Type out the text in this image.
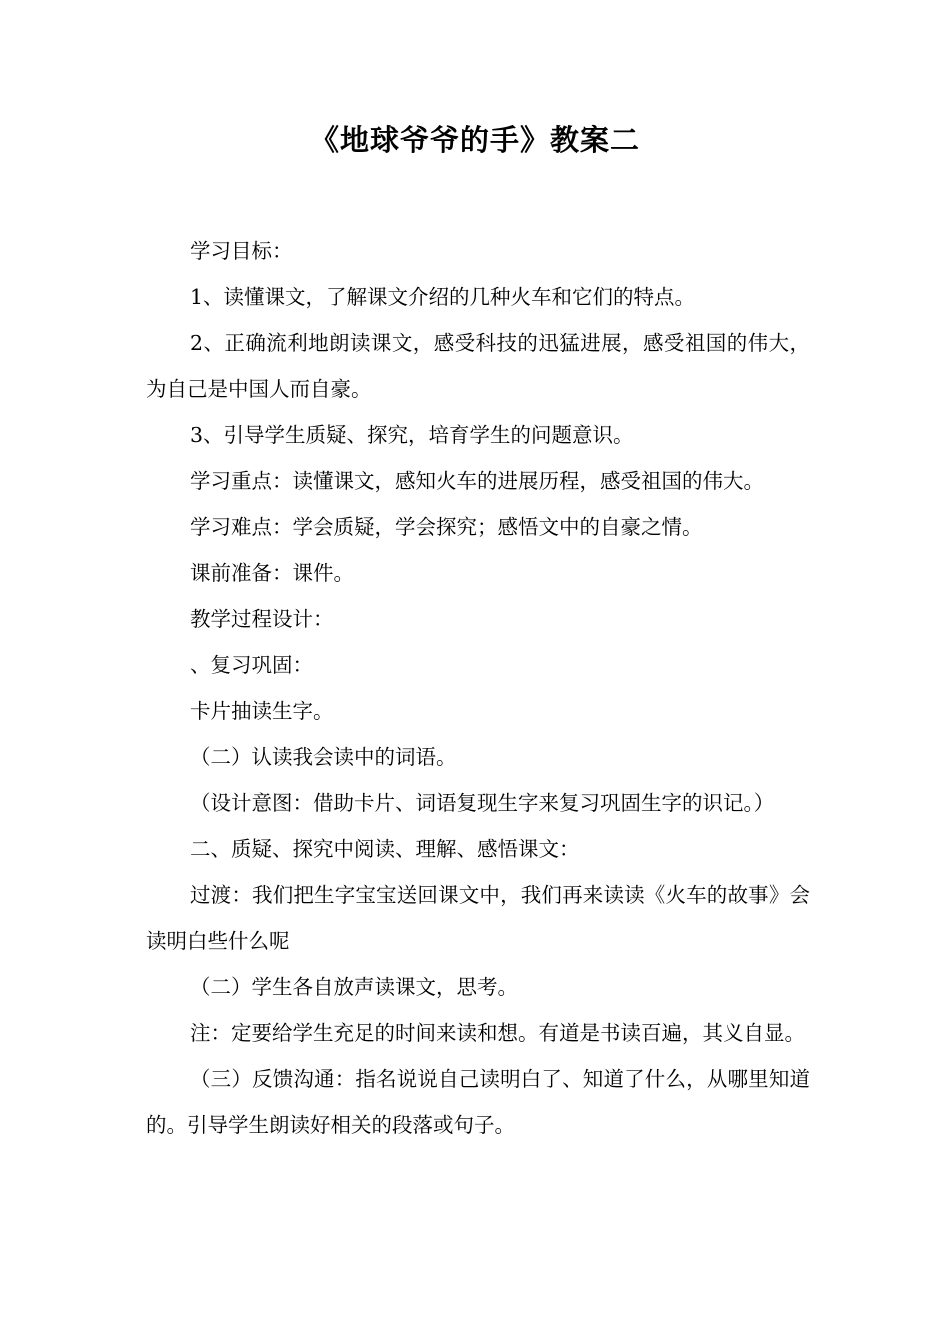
《地球爷爷的手》教案二

学习目标：

1、读懂课文，了解课文介绍的几种火车和它们的特点。

2、正确流利地朗读课文，感受科技的迅猛进展，感受祖国的伟大，为自己是中国人而自豪。

3、引导学生质疑、探究，培育学生的问题意识。

学习重点：读懂课文，感知火车的进展历程，感受祖国的伟大。

学习难点：学会质疑，学会探究；感悟文中的自豪之情。

课前准备：课件。

教学过程设计：

、复习巩固：

卡片抽读生字。

（二）认读我会读中的词语。

（设计意图：借助卡片、词语复现生字来复习巩固生字的识记。）

二、质疑、探究中阅读、理解、感悟课文：

过渡：我们把生字宝宝送回课文中，我们再来读读《火车的故事》会读明白些什么呢

（二）学生各自放声读课文，思考。

注：定要给学生充足的时间来读和想。有道是书读百遍，其义自显。

（三）反馈沟通：指名说说自己读明白了、知道了什么，从哪里知道的。引导学生朗读好相关的段落或句子。
